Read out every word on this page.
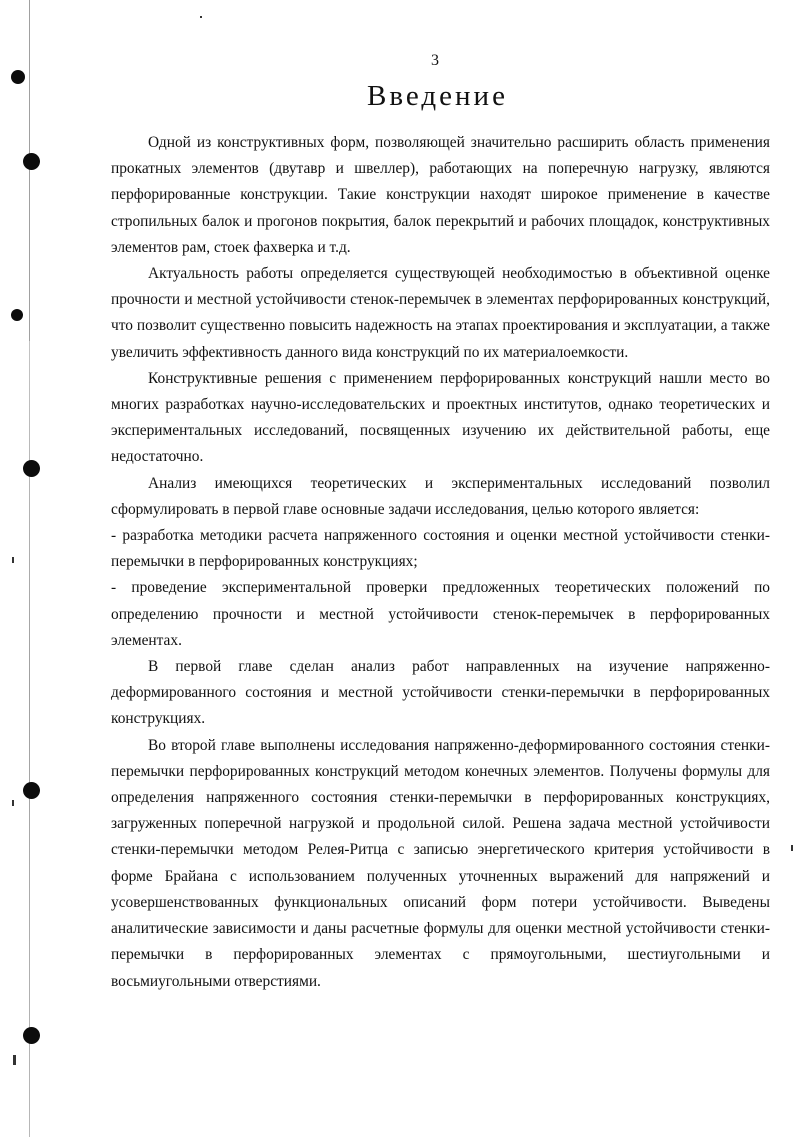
3
Введение

Одной из конструктивных форм, позволяющей значительно расширить область применения прокатных элементов (двутавр и швеллер), работающих на поперечную нагрузку, являются перфорированные конструкции. Такие конструкции находят широкое применение в качестве стропильных балок и прогонов покрытия, балок перекрытий и рабочих площадок, конструктивных элементов рам, стоек фахверка и т.д.

Актуальность работы определяется существующей необходимостью в объективной оценке прочности и местной устойчивости стенок-перемычек в элементах перфорированных конструкций, что позволит существенно повысить надежность на этапах проектирования и эксплуатации, а также увеличить эффективность данного вида конструкций по их материалоемкости.

Конструктивные решения с применением перфорированных конструкций нашли место во многих разработках научно-исследовательских и проектных институтов, однако теоретических и экспериментальных исследований, посвященных изучению их действительной работы, еще недостаточно.

Анализ имеющихся теоретических и экспериментальных исследований позволил сформулировать в первой главе основные задачи исследования, целью которого является:

- разработка методики расчета напряженного состояния и оценки местной устойчивости стенки-перемычки в перфорированных конструкциях;

- проведение экспериментальной проверки предложенных теоретических положений по определению прочности и местной устойчивости стенок-перемычек в перфорированных элементах.

В первой главе сделан анализ работ направленных на изучение напряженно-деформированного состояния и местной устойчивости стенки-перемычки в перфорированных конструкциях.

Во второй главе выполнены исследования напряженно-деформированного состояния стенки-перемычки перфорированных конструкций методом конечных элементов. Получены формулы для определения напряженного состояния стенки-перемычки в перфорированных конструкциях, загруженных поперечной нагрузкой и продольной силой. Решена задача местной устойчивости стенки-перемычки методом Релея-Ритца с записью энергетического критерия устойчивости в форме Брайана с использованием полученных уточненных выражений для напряжений и усовершенствованных функциональных описаний форм потери устойчивости. Выведены аналитические зависимости и даны расчетные формулы для оценки местной устойчивости стенки-перемычки в перфорированных элементах с прямоугольными, шестиугольными и восьмиугольными отверстиями.
